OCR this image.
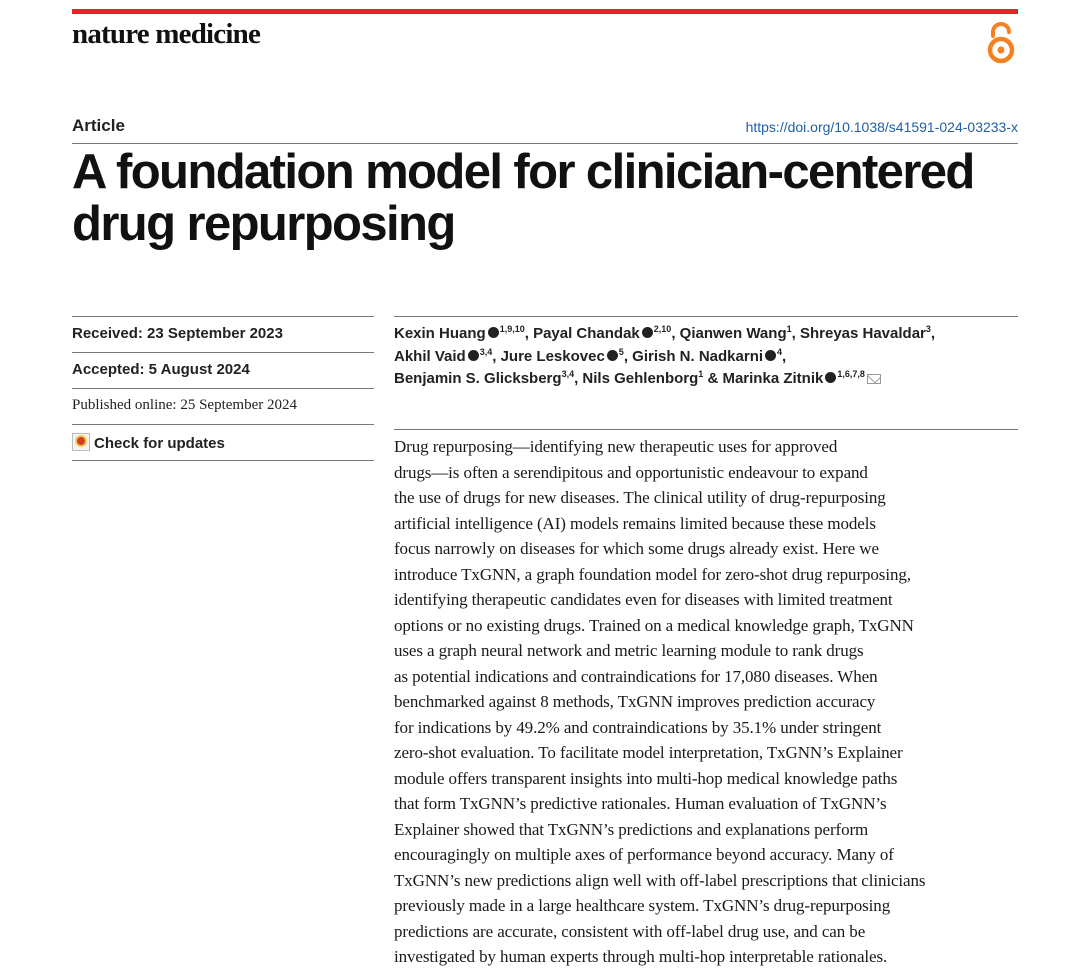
nature medicine
Article	https://doi.org/10.1038/s41591-024-03233-x
A foundation model for clinician-centered
drug repurposing
Received: 23 September 2023
Accepted: 5 August 2024
Published online: 25 September 2024
Check for updates
Kexin Huang $^{1,9,10}$, Payal Chandak $^{2,10}$, Qianwen Wang$^1$, Shreyas Havaldar$^3$,
Akhil Vaid $^{3,4}$, Jure Leskovec $^5$, Girish N. Nadkarni $^4$,
Benjamin S. Glicksberg$^{3,4}$, Nils Gehlenborg$^1$ & Marinka Zitnik $^{1,6,7,8}$
Drug repurposing—identifying new therapeutic uses for approved
drugs—is often a serendipitous and opportunistic endeavour to expand
the use of drugs for new diseases. The clinical utility of drug-repurposing
artificial intelligence (AI) models remains limited because these models
focus narrowly on diseases for which some drugs already exist. Here we
introduce TxGNN, a graph foundation model for zero-shot drug repurposing,
identifying therapeutic candidates even for diseases with limited treatment
options or no existing drugs. Trained on a medical knowledge graph, TxGNN
uses a graph neural network and metric learning module to rank drugs
as potential indications and contraindications for 17,080 diseases. When
benchmarked against 8 methods, TxGNN improves prediction accuracy
for indications by 49.2% and contraindications by 35.1% under stringent
zero-shot evaluation. To facilitate model interpretation, TxGNN’s Explainer
module offers transparent insights into multi-hop medical knowledge paths
that form TxGNN’s predictive rationales. Human evaluation of TxGNN’s
Explainer showed that TxGNN’s predictions and explanations perform
encouragingly on multiple axes of performance beyond accuracy. Many of
TxGNN’s new predictions align well with off-label prescriptions that clinicians
previously made in a large healthcare system. TxGNN’s drug-repurposing
predictions are accurate, consistent with off-label drug use, and can be
investigated by human experts through multi-hop interpretable rationales.
